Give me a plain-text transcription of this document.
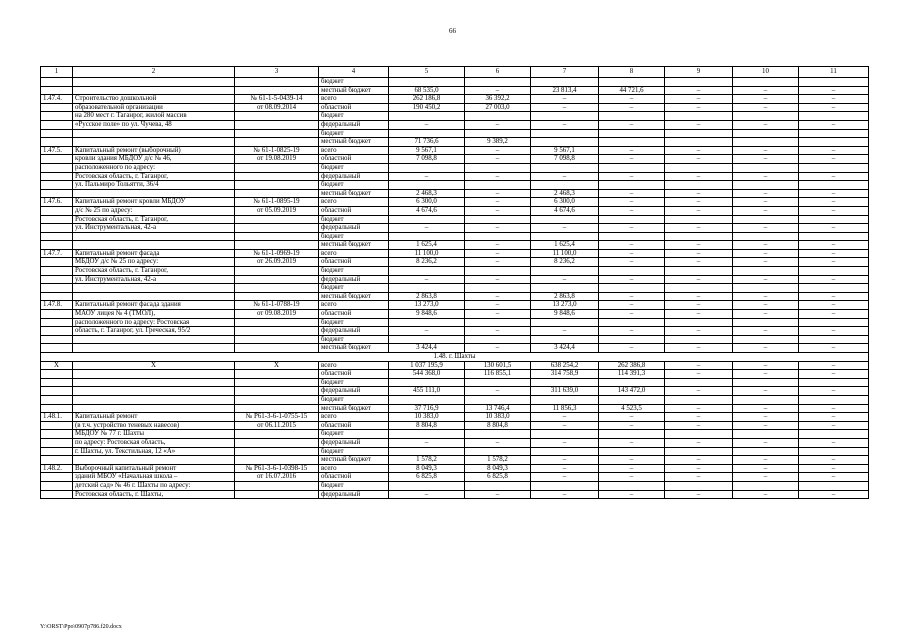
66
1	2	3	4	5	6	7	8	9	10	11
			бюджет							
			местный бюджет	68 535,0	–	23 813,4	44 721,6	–	–	–
1.47.4.	Строительство дошкольной	№ 61-1-5-0439-14	всего	262 186,8	36 392,2	–	–	–	–	–
	образовательной организации	от 08.09.2014	областной	190 450,2	27 003,0	–	–	–	–	–
	на 280 мест г. Таганрог, жилой массив		бюджет							
	«Русское поле» по ул. Чучева, 48		федеральный	–	–	–	–	–	–	–
			бюджет							
			местный бюджет	71 736,6	9 389,2					
1.47.5.	Капитальный ремонт (выборочный)	№ 61-1-0825-19	всего	9 567,1	–	9 567,1	–	–	–	–
	кровли здания МБДОУ д/с № 46,	от 19.08.2019	областной	7 098,8	–	7 098,8	–	–	–	–
	расположенного по адресу:		бюджет							
	Ростовская область, г. Таганрог,		федеральный	–	–	–	–	–	–	–
	ул. Пальмиро Тольятти, 36/4		бюджет							
			местный бюджет	2 468,3	–	2 468,3	–	–	–	–
1.47.6.	Капитальный ремонт кровли МБДОУ	№ 61-1-0895-19	всего	6 300,0	–	6 300,0	–	–	–	–
	д/с № 25 по адресу:	от 05.09.2019	областной	4 674,6	–	4 674,6	–	–	–	–
	Ростовская область, г. Таганрог,		бюджет							
	ул. Инструментальная, 42-а		федеральный	–	–	–	–	–	–	–
			бюджет							
			местный бюджет	1 625,4	–	1 625,4	–	–	–	–
1.47.7.	Капитальный ремонт фасада	№ 61-1-0969-19	всего	11 100,0	–	11 100,0	–	–	–	–
	МБДОУ д/с № 25 по адресу:	от 26.09.2019	областной	8 236,2	–	8 236,2	–	–	–	–
	Ростовская область, г. Таганрог,		бюджет							
	ул. Инструментальная, 42-а		федеральный	–	–	–	–	–	–	–
			бюджет							
			местный бюджет	2 863,8	–	2 863,8	–	–	–	–
1.47.8.	Капитальный ремонт фасада здания	№ 61-1-0788-19	всего	13 273,0	–	13 273,0	–	–	–	–
	МАОУ лицея № 4 (ТМОЛ),	от 09.08.2019	областной	9 848,6	–	9 848,6	–	–	–	–
	расположенного по адресу: Ростовская		бюджет							
	область, г. Таганрог, ул. Греческая, 95/2		федеральный	–	–	–	–	–	–	–
			бюджет							
			местный бюджет	3 424,4	–	3 424,4	–	–	–	–
1.48. г. Шахты										
Х	Х	Х	всего	1 037 195,9	130 601,5	638 254,2	262 386,8	–	–	–
			областной	544 368,0	116 855,1	314 758,9	114 391,3	–	–	–
			бюджет							
			федеральный	455 111,0	–	311 639,0	143 472,0	–	–	–
			бюджет							
			местный бюджет	37 716,9	13 746,4	11 856,3	4 523,5	–	–	–
1.48.1.	Капитальный ремонт	№ Р61-3-6-1-0755-15	всего	10 383,0	10 383,0	–	–	–	–	–
	(в т.ч. устройство теневых навесов)	от 06.11.2015	областной	8 804,8	8 804,8	–	–	–	–	–
	МБДОУ № 77 г. Шахты		бюджет							
	по адресу: Ростовская область,		федеральный	–	–	–	–	–	–	–
	г. Шахты, ул. Текстильная, 12 «А»		бюджет							
			местный бюджет	1 578,2	1 578,2	–	–	–	–	–
1.48.2.	Выборочный капитальный ремонт	№ Р61-3-6-1-0398-15	всего	8 049,3	8 049,3	–	–	–	–	–
	зданий МБОУ «Начальная школа –	от 16.07.2016	областной	6 825,8	6 825,8	–	–	–	–	–
	детский сад» № 46 г. Шахты по адресу:		бюджет							
	Ростовская область, г. Шахты,		федеральный	–	–	–	–	–	–	–
Y:\ORST\Ppo\0907p786.f20.docx
